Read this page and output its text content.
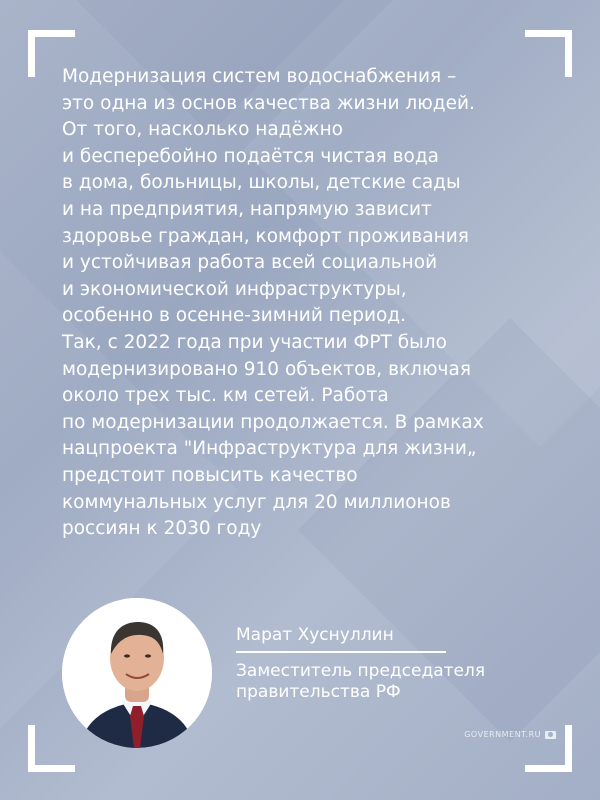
Модернизация систем водоснабжения –
это одна из основ качества жизни людей.
От того, насколько надёжно
и бесперебойно подаётся чистая вода
в дома, больницы, школы, детские сады
и на предприятия, напрямую зависит
здоровье граждан, комфорт проживания
и устойчивая работа всей социальной
и экономической инфраструктуры,
особенно в осенне-зимний период.
Так, с 2022 года при участии ФРТ было
модернизировано 910 объектов, включая
около трех тыс. км сетей. Работа
по модернизации продолжается. В рамках
нацпроекта "Инфраструктура для жизни„
предстоит повысить качество
коммунальных услуг для 20 миллионов
россиян к 2030 году
Марат Хуснуллин
Заместитель председателя
правительства РФ
GOVERNMENT.RU
